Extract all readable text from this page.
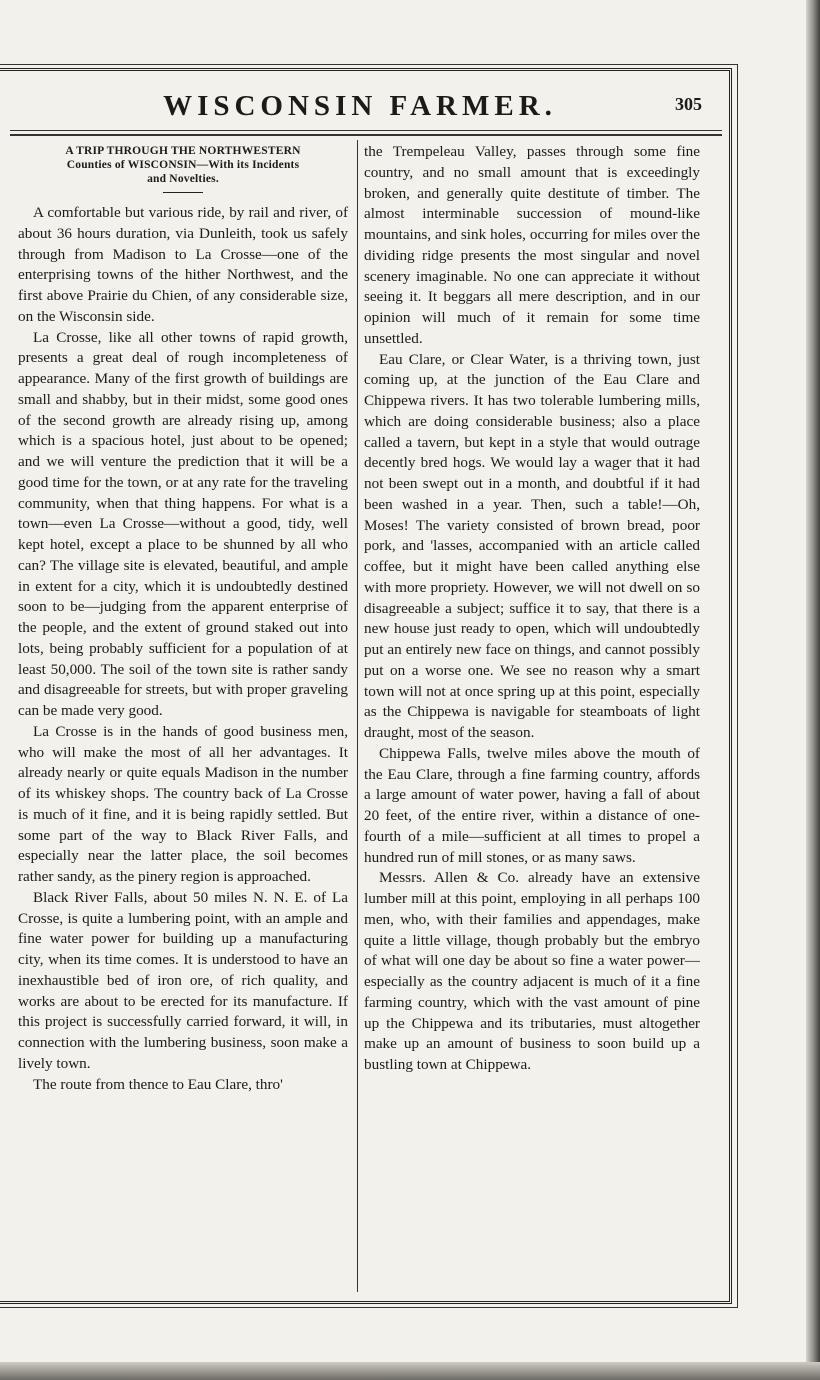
WISCONSIN FARMER.	305
A TRIP THROUGH THE NORTHWESTERN
Counties of WISCONSIN—With its Incidents
and Novelties.

A comfortable but various ride, by rail and river, of about 36 hours duration, via Dunleith, took us safely through from Madison to La Crosse—one of the enterprising towns of the hither Northwest, and the first above Prairie du Chien, of any considerable size, on the Wisconsin side.

La Crosse, like all other towns of rapid growth, presents a great deal of rough incompleteness of appearance. Many of the first growth of buildings are small and shabby, but in their midst, some good ones of the second growth are already rising up, among which is a spacious hotel, just about to be opened; and we will venture the prediction that it will be a good time for the town, or at any rate for the traveling community, when that thing happens. For what is a town—even La Crosse—without a good, tidy, well kept hotel, except a place to be shunned by all who can? The village site is elevated, beautiful, and ample in extent for a city, which it is undoubtedly destined soon to be—judging from the apparent enterprise of the people, and the extent of ground staked out into lots, being probably sufficient for a population of at least 50,000. The soil of the town site is rather sandy and disagreeable for streets, but with proper graveling can be made very good.

La Crosse is in the hands of good business men, who will make the most of all her advantages. It already nearly or quite equals Madison in the number of its whiskey shops. The country back of La Crosse is much of it fine, and it is being rapidly settled. But some part of the way to Black River Falls, and especially near the latter place, the soil becomes rather sandy, as the pinery region is approached.

Black River Falls, about 50 miles N. N. E. of La Crosse, is quite a lumbering point, with an ample and fine water power for building up a manufacturing city, when its time comes. It is understood to have an inexhaustible bed of iron ore, of rich quality, and works are about to be erected for its manufacture. If this project is successfully carried forward, it will, in connection with the lumbering business, soon make a lively town.

The route from thence to Eau Clare, thro'

the Trempeleau Valley, passes through some fine country, and no small amount that is exceedingly broken, and generally quite destitute of timber. The almost interminable succession of mound-like mountains, and sink holes, occurring for miles over the dividing ridge presents the most singular and novel scenery imaginable. No one can appreciate it without seeing it. It beggars all mere description, and in our opinion will much of it remain for some time unsettled.

Eau Clare, or Clear Water, is a thriving town, just coming up, at the junction of the Eau Clare and Chippewa rivers. It has two tolerable lumbering mills, which are doing considerable business; also a place called a tavern, but kept in a style that would outrage decently bred hogs. We would lay a wager that it had not been swept out in a month, and doubtful if it had been washed in a year. Then, such a table!—Oh, Moses! The variety consisted of brown bread, poor pork, and 'lasses, accompanied with an article called coffee, but it might have been called anything else with more propriety. However, we will not dwell on so disagreeable a subject; suffice it to say, that there is a new house just ready to open, which will undoubtedly put an entirely new face on things, and cannot possibly put on a worse one. We see no reason why a smart town will not at once spring up at this point, especially as the Chippewa is navigable for steamboats of light draught, most of the season.

Chippewa Falls, twelve miles above the mouth of the Eau Clare, through a fine farming country, affords a large amount of water power, having a fall of about 20 feet, of the entire river, within a distance of one-fourth of a mile—sufficient at all times to propel a hundred run of mill stones, or as many saws.

Messrs. Allen & Co. already have an extensive lumber mill at this point, employing in all perhaps 100 men, who, with their families and appendages, make quite a little village, though probably but the embryo of what will one day be about so fine a water power—especially as the country adjacent is much of it a fine farming country, which with the vast amount of pine up the Chippewa and its tributaries, must altogether make up an amount of business to soon build up a bustling town at Chippewa.
